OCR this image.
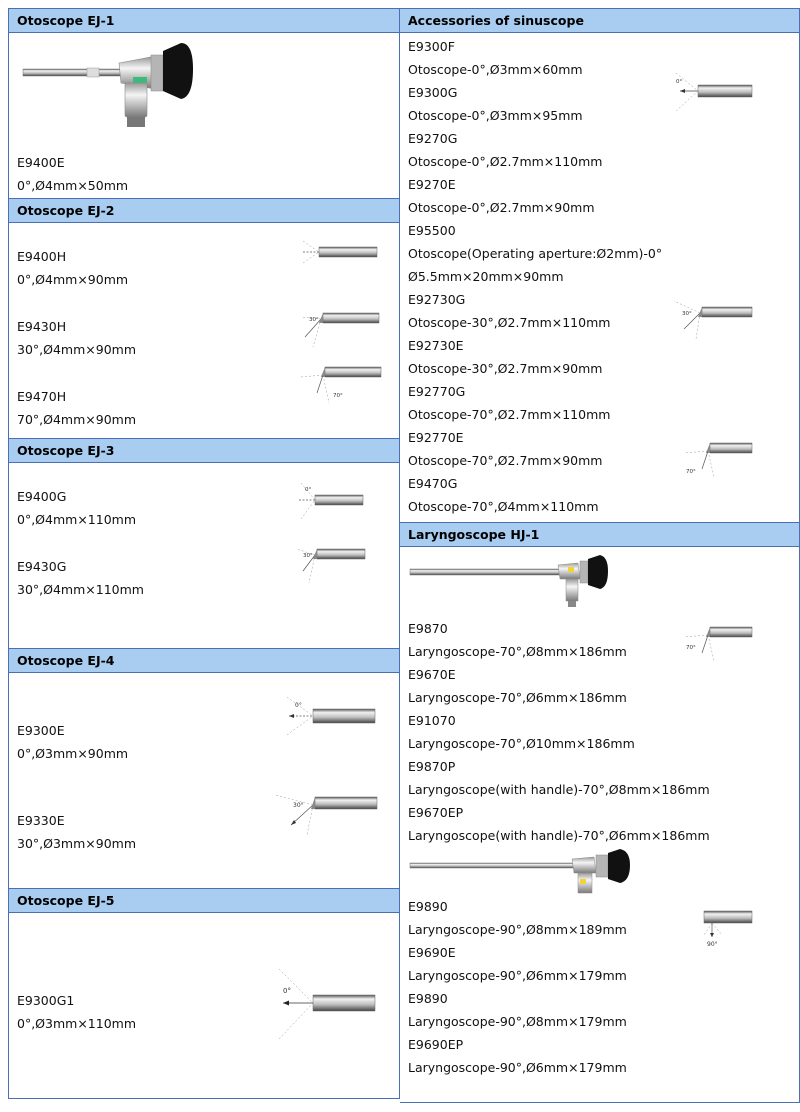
Otoscope EJ-1
E9400E
0°,Ø4mm×50mm
Otoscope EJ-2
E9400H
0°,Ø4mm×90mm
E9430H
30°,Ø4mm×90mm
30°
E9470H
70°,Ø4mm×90mm
70°
Otoscope EJ-3
E9400G
0°,Ø4mm×110mm
0°
E9430G
30°,Ø4mm×110mm
30°
Otoscope EJ-4
E9300E
0°,Ø3mm×90mm
0°
E9330E
30°,Ø3mm×90mm
30°
Otoscope EJ-5
E9300G1
0°,Ø3mm×110mm
0°
Accessories of sinuscope
E9300F
Otoscope-0°,Ø3mm×60mm
E9300G
Otoscope-0°,Ø3mm×95mm
E9270G
Otoscope-0°,Ø2.7mm×110mm
E9270E
Otoscope-0°,Ø2.7mm×90mm
E95500
Otoscope(Operating aperture:Ø2mm)-0°
Ø5.5mm×20mm×90mm
E92730G
Otoscope-30°,Ø2.7mm×110mm
E92730E
Otoscope-30°,Ø2.7mm×90mm
E92770G
Otoscope-70°,Ø2.7mm×110mm
E92770E
Otoscope-70°,Ø2.7mm×90mm
E9470G
Otoscope-70°,Ø4mm×110mm
0°
30°
70°
Laryngoscope HJ-1
E9870
Laryngoscope-70°,Ø8mm×186mm
E9670E
Laryngoscope-70°,Ø6mm×186mm
E91070
Laryngoscope-70°,Ø10mm×186mm
E9870P
Laryngoscope(with handle)-70°,Ø8mm×186mm
E9670EP
Laryngoscope(with handle)-70°,Ø6mm×186mm
70°
E9890
Laryngoscope-90°,Ø8mm×189mm
E9690E
Laryngoscope-90°,Ø6mm×179mm
E9890
Laryngoscope-90°,Ø8mm×179mm
E9690EP
Laryngoscope-90°,Ø6mm×179mm
90°
